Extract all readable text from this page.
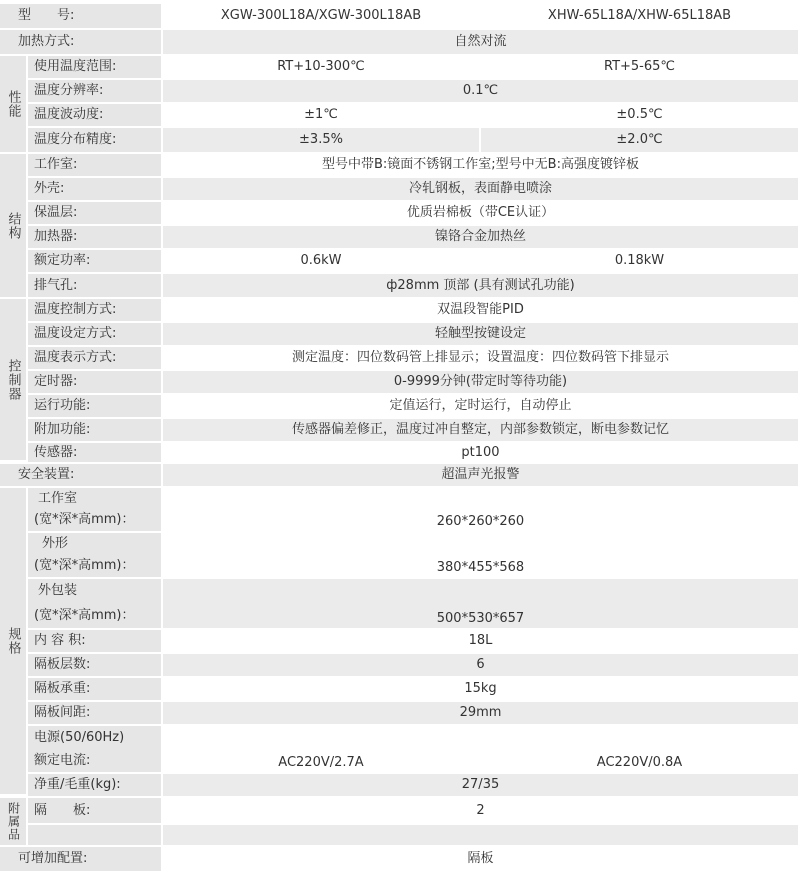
型　　号:	XGW-300L18A/XGW-300L18AB	XHW-65L18A/XHW-65L18AB
加热方式:	自然对流
性能
使用温度范围:	RT+10-300℃	RT+5-65℃
温度分辨率:	0.1℃
温度波动度:	±1℃	±0.5℃
温度分布精度:	±3.5%	±2.0℃
结构
工作室:	型号中带B:镜面不锈钢工作室;型号中无B:高强度镀锌板
外壳:	冷轧钢板，表面静电喷涂
保温层:	优质岩棉板（带CE认证）
加热器:	镍铬合金加热丝
额定功率:	0.6kW	0.18kW
排气孔:	ф28mm 顶部 (具有测试孔功能)
控制器
温度控制方式:	双温段智能PID
温度设定方式:	轻触型按键设定
温度表示方式:	测定温度：四位数码管上排显示；设置温度：四位数码管下排显示
定时器:	0-9999分钟(带定时等待功能)
运行功能:	定值运行，定时运行，自动停止
附加功能:	传感器偏差修正，温度过冲自整定，内部参数锁定，断电参数记忆
传感器:	pt100
安全装置:	超温声光报警
规格
工作室
(宽*深*高mm)：	260*260*260
外形
(宽*深*高mm)：	380*455*568
外包装
(宽*深*高mm)：	500*530*657
内 容 积:	18L
隔板层数:	6
隔板承重:	15kg
隔板间距:	29mm
电源(50/60Hz)
额定电流:	AC220V/2.7A	AC220V/0.8A
净重/毛重(kg):	27/35
附属品	隔　　板:	2
可增加配置:	隔板
